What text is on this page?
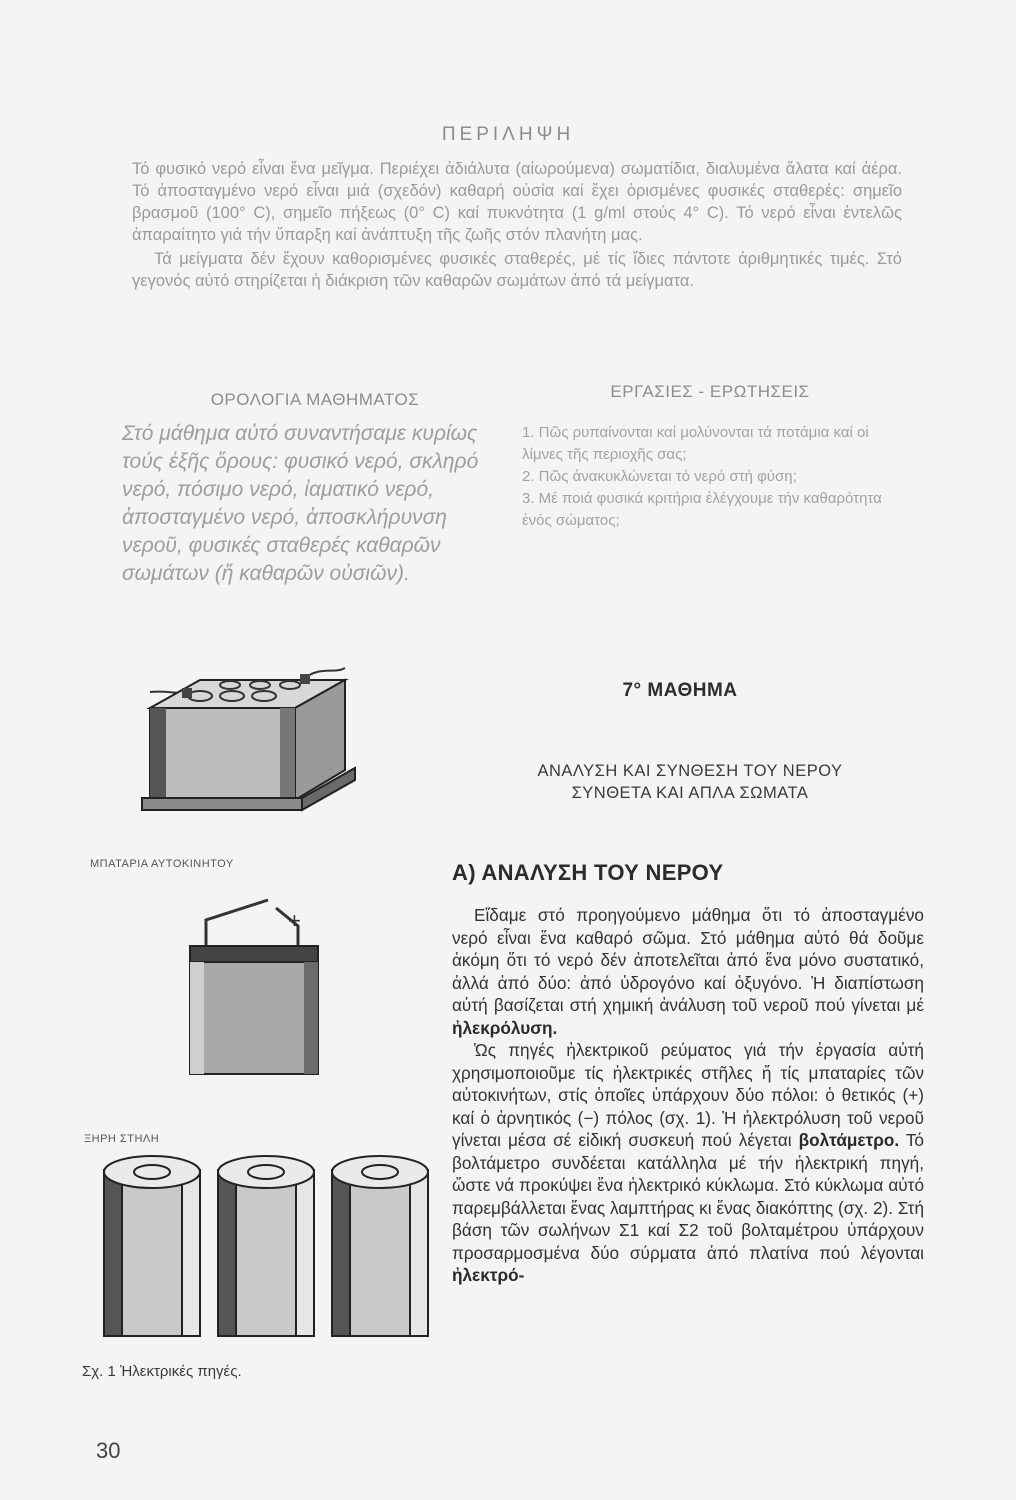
ΠΕΡΙΛΗΨΗ

Τό φυσικό νερό εἶναι ἕνα μεῖγμα. Περιέχει ἀδιάλυτα (αἰωρούμενα) σωματίδια, διαλυμένα ἅλατα καί ἀέρα. Τό ἀποσταγμένο νερό εἶναι μιά (σχεδόν) καθαρή οὐσία καί ἔχει ὁρισμένες φυσικές σταθερές: σημεῖο βρασμοῦ (100° C), σημεῖο πήξεως (0° C) καί πυκνότητα (1 g/ml στούς 4° C). Τό νερό εἶναι ἐντελῶς ἀπαραίτητο γιά τήν ὕπαρξη καί ἀνάπτυξη τῆς ζωῆς στόν πλανήτη μας.

Τά μείγματα δέν ἔχουν καθορισμένες φυσικές σταθερές, μέ τίς ἴδιες πάντοτε ἀριθμητικές τιμές. Στό γεγονός αὐτό στηρίζεται ἡ διάκριση τῶν καθαρῶν σωμάτων ἀπό τά μείγματα.

ΟΡΟΛΟΓΙΑ ΜΑΘΗΜΑΤΟΣ
Στό μάθημα αὐτό συναντήσαμε κυρίως τούς ἑξῆς ὅρους: φυσικό νερό, σκληρό νερό, πόσιμο νερό, ἰαματικό νερό, ἀποσταγμένο νερό, ἀποσκλήρυνση νεροῦ, φυσικές σταθερές καθαρῶν σωμάτων (ἤ καθαρῶν οὐσιῶν).
ΕΡΓΑΣΙΕΣ - ΕΡΩΤΗΣΕΙΣ
1. Πῶς ρυπαίνονται καί μολύνονται τά ποτάμια καί οἱ λίμνες τῆς περιοχῆς σας;
2. Πῶς ἀνακυκλώνεται τό νερό στή φύση;
3. Μέ ποιά φυσικά κριτήρια ἐλέγχουμε τήν καθαρότητα ἑνός σώματος;
ΜΠΑΤΑΡΙΑ ΑΥΤΟΚΙΝΗΤΟΥ
+
ΞΗΡΗ ΣΤΗΛΗ
Σχ. 1 Ἠλεκτρικές πηγές.
7° ΜΑΘΗΜΑ
ΑΝΑΛΥΣΗ ΚΑΙ ΣΥΝΘΕΣΗ ΤΟΥ ΝΕΡΟΥ
ΣΥΝΘΕΤΑ ΚΑΙ ΑΠΛΑ ΣΩΜΑΤΑ
Α) ΑΝΑΛΥΣΗ ΤΟΥ ΝΕΡΟΥ

Εἴδαμε στό προηγούμενο μάθημα ὅτι τό ἀποσταγμένο νερό εἶναι ἕνα καθαρό σῶμα. Στό μάθημα αὐτό θά δοῦμε ἀκόμη ὅτι τό νερό δέν ἀποτελεῖται ἀπό ἕνα μόνο συστατικό, ἀλλά ἀπό δύο: ἀπό ὑδρογόνο καί ὀξυγόνο. Ἡ διαπίστωση αὐτή βασίζεται στή χημική ἀνάλυση τοῦ νεροῦ πού γίνεται μέ ἠλεκρόλυση.

Ὡς πηγές ἠλεκτρικοῦ ρεύματος γιά τήν ἐργασία αὐτή χρησιμοποιοῦμε τίς ἠλεκτρικές στῆλες ἤ τίς μπαταρίες τῶν αὐτοκινήτων, στίς ὁποῖες ὑπάρχουν δύο πόλοι: ὁ θετικός (+) καί ὁ ἀρνητικός (−) πόλος (σχ. 1). Ἡ ἠλεκτρόλυση τοῦ νεροῦ γίνεται μέσα σέ εἰδική συσκευή πού λέγεται βολτάμετρο. Τό βολτάμετρο συνδέεται κατάλληλα μέ τήν ἠλεκτρική πηγή, ὥστε νά προκύψει ἕνα ἠλεκτρικό κύκλωμα. Στό κύκλωμα αὐτό παρεμβάλλεται ἕνας λαμπτήρας κι ἕνας διακόπτης (σχ. 2). Στή βάση τῶν σωλήνων Σ1 καί Σ2 τοῦ βολταμέτρου ὑπάρχουν προσαρμοσμένα δύο σύρματα ἀπό πλατίνα πού λέγονται ἠλεκτρό-

30
